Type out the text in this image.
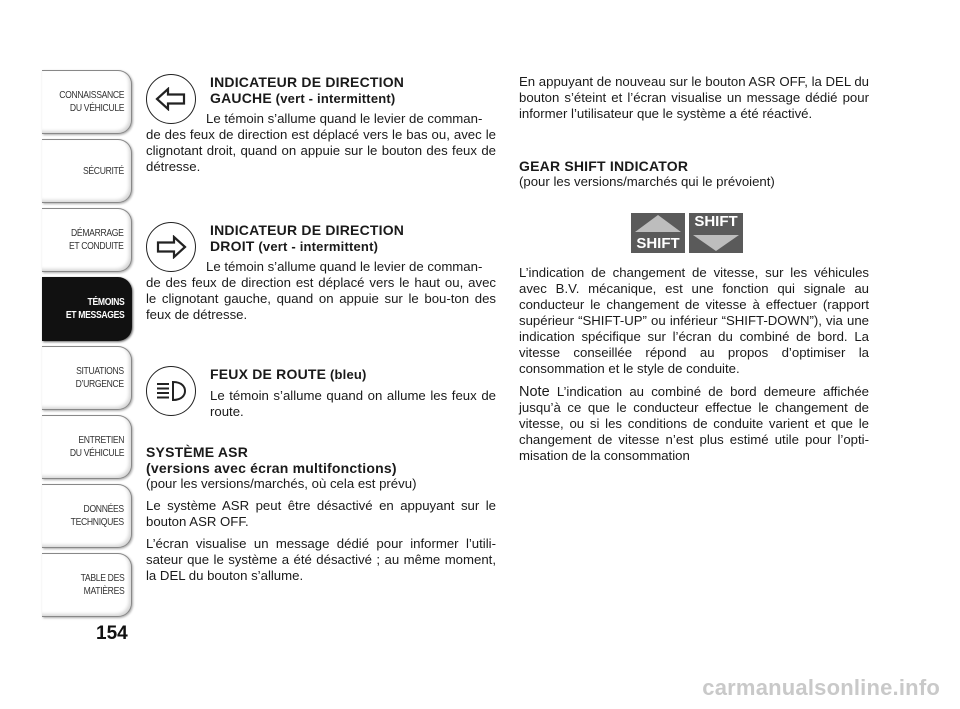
CONNAISSANCE
DU VÉHICULE
SÉCURITÉ
DÉMARRAGE
ET CONDUITE
TÉMOINS
ET MESSAGES
SITUATIONS
D’URGENCE
ENTRETIEN
DU VÉHICULE
DONNÉES
TECHNIQUES
TABLE DES
MATIÈRES
154
INDICATEUR DE DIRECTION
GAUCHE (vert - intermittent)

Le témoin s’allume quand le levier de comman-

de des feux de direction est déplacé vers le bas ou, avec le clignotant droit, quand on appuie sur le bouton des feux de détresse.

INDICATEUR DE DIRECTION
DROIT (vert - intermittent)

Le témoin s’allume quand le levier de comman-

de des feux de direction est déplacé vers le haut ou, avec le clignotant gauche, quand on appuie sur le bou-ton des feux de détresse.

FEUX DE ROUTE (bleu)

Le témoin s’allume quand on allume les feux de route.

SYSTÈME ASR
(versions avec écran multifonctions)

(pour les versions/marchés, où cela est prévu)

Le système ASR peut être désactivé en appuyant sur le bouton ASR OFF.

L’écran visualise un message dédié pour informer l’utili-sateur que le système a été désactivé ; au même moment, la DEL du bouton s’allume.

En appuyant de nouveau sur le bouton ASR OFF, la DEL du bouton s’éteint et l’écran visualise un message dédié pour informer l’utilisateur que le système a été réactivé.

GEAR SHIFT INDICATOR

(pour les versions/marchés qui le prévoient)

SHIFT
SHIFT

L’indication de changement de vitesse, sur les véhicules avec B.V. mécanique, est une fonction qui signale au conducteur le changement de vitesse à effectuer (rapport supérieur “SHIFT-UP” ou inférieur “SHIFT-DOWN”), via une indication spécifique sur l’écran du combiné de bord. La vitesse conseillée répond au propos d’optimiser la consommation et le style de conduite.

Note L’indication au combiné de bord demeure affichée jusqu’à ce que le conducteur effectue le changement de vitesse, ou si les conditions de conduite varient et que le changement de vitesse n’est plus estimé utile pour l’opti-misation de la consommation

carmanualsonline.info
